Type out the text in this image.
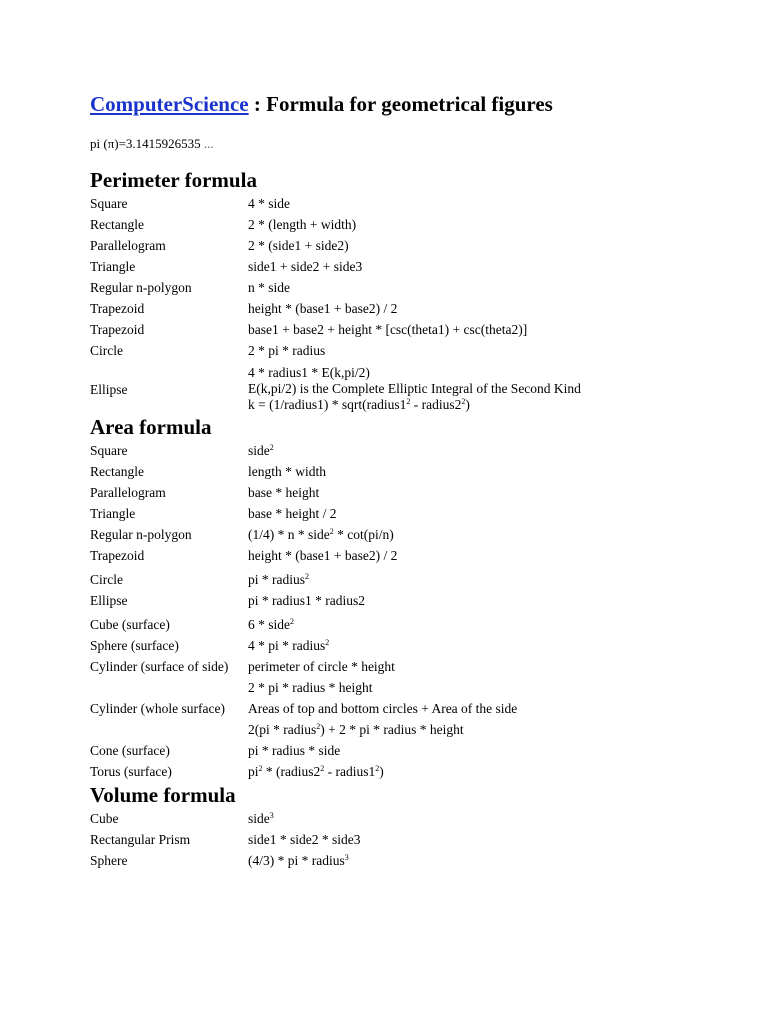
ComputerScience : Formula for geometrical figures
pi (π)=3.1415926535 ...
Perimeter formula
Square	4 * side
Rectangle	2 * (length + width)
Parallelogram	2 * (side1 + side2)
Triangle	side1 + side2 + side3
Regular n-polygon	n * side
Trapezoid	height * (base1 + base2) / 2
Trapezoid	base1 + base2 + height * [csc(theta1) + csc(theta2)]
Circle	2 * pi * radius
Ellipse	4 * radius1 * E(k,pi/2)
E(k,pi/2) is the Complete Elliptic Integral of the Second Kind
k = (1/radius1) * $sqrt(radius1^2$ - $radius2^2$)
Area formula
Square	side$^2$
Rectangle	length * width
Parallelogram	base * height
Triangle	base * height / 2
Regular n-polygon	(1/4) * n * side$^2$ * cot(pi/n)
Trapezoid	height * (base1 + base2) / 2
Circle	pi * radius$^2$
Ellipse	pi * radius1 * radius2
Cube (surface)	6 * side$^2$
Sphere (surface)	4 * pi * radius$^2$
Cylinder (surface of side)	perimeter of circle * height
	2 * pi * radius * height
Cylinder (whole surface)	Areas of top and bottom circles + Area of the side
	2(pi * radius$^2$) + 2 * pi * radius * height
Cone (surface)	pi * radius * side
Torus (surface)	$pi^2$ * ($radius2^2$ - $radius1^2$)
Volume formula
Cube	side$^3$
Rectangular Prism	side1 * side2 * side3
Sphere	(4/3) * pi * radius$^3$
